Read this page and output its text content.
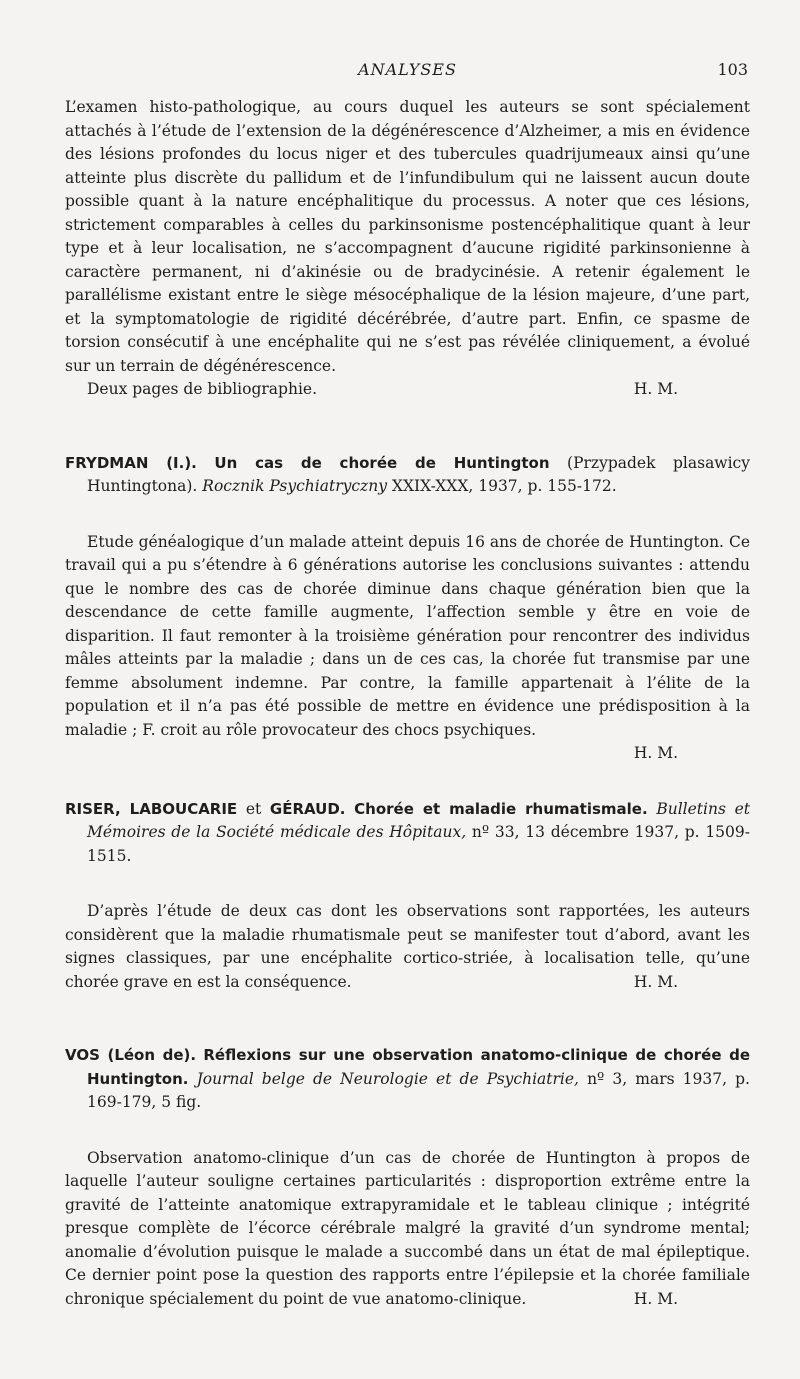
ANALYSES	103

L’examen histo-pathologique, au cours duquel les auteurs se sont spécialement attachés à l’étude de l’extension de la dégénérescence d’Alzheimer, a mis en évidence des lésions profondes du locus niger et des tubercules quadrijumeaux ainsi qu’une atteinte plus discrète du pallidum et de l’infundibulum qui ne laissent aucun doute possible quant à la nature encéphalitique du processus. A noter que ces lésions, strictement comparables à celles du parkinsonisme postencéphalitique quant à leur type et à leur localisation, ne s’accompagnent d’aucune rigidité parkinsonienne à caractère permanent, ni d’akinésie ou de bradycinésie. A retenir également le parallélisme existant entre le siège mésocéphalique de la lésion majeure, d’une part, et la symptomatologie de rigidité décérébrée, d’autre part. Enfin, ce spasme de torsion consécutif à une encéphalite qui ne s’est pas révélée cliniquement, a évolué sur un terrain de dégénérescence.

Deux pages de bibliographie.	H. M.

FRYDMAN (I.). Un cas de chorée de Huntington (Przypadek plasawicy Huntingtona). Rocznik Psychiatryczny XXIX-XXX, 1937, p. 155-172.

Etude généalogique d’un malade atteint depuis 16 ans de chorée de Huntington. Ce travail qui a pu s’étendre à 6 générations autorise les conclusions suivantes : attendu que le nombre des cas de chorée diminue dans chaque génération bien que la descendance de cette famille augmente, l’affection semble y être en voie de disparition. Il faut remonter à la troisième génération pour rencontrer des individus mâles atteints par la maladie ; dans un de ces cas, la chorée fut transmise par une femme absolument indemne. Par contre, la famille appartenait à l’élite de la population et il n’a pas été possible de mettre en évidence une prédisposition à la maladie ; F. croit au rôle provocateur des chocs psychiques.

H. M.

RISER, LABOUCARIE et GÉRAUD. Chorée et maladie rhumatismale. Bulletins et Mémoires de la Société médicale des Hôpitaux, nº 33, 13 décembre 1937, p. 1509-1515.

D’après l’étude de deux cas dont les observations sont rapportées, les auteurs considèrent que la maladie rhumatismale peut se manifester tout d’abord, avant les signes classiques, par une encéphalite cortico-striée, à localisation telle, qu’une chorée grave en est la conséquence.	H. M.

VOS (Léon de). Réflexions sur une observation anatomo-clinique de chorée de Huntington. Journal belge de Neurologie et de Psychiatrie, nº 3, mars 1937, p. 169-179, 5 fig.

Observation anatomo-clinique d’un cas de chorée de Huntington à propos de laquelle l’auteur souligne certaines particularités : disproportion extrême entre la gravité de l’atteinte anatomique extrapyramidale et le tableau clinique ; intégrité presque complète de l’écorce cérébrale malgré la gravité d’un syndrome mental; anomalie d’évolution puisque le malade a succombé dans un état de mal épileptique. Ce dernier point pose la question des rapports entre l’épilepsie et la chorée familiale chronique spécialement du point de vue anatomo-clinique.	H. M.
